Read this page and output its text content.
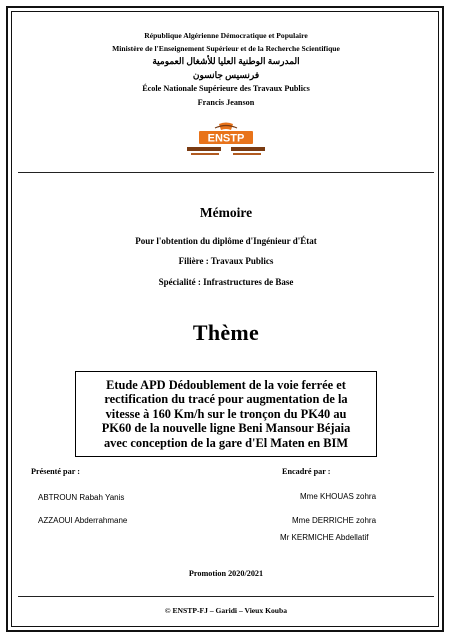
République Algérienne Démocratique et Populaire
Ministère de l'Enseignement Supérieur et de la Recherche Scientifique
المدرسة الوطنية العليا للأشغال العمومية
فرنسيس جانسون
École Nationale Supérieure des Travaux Publics
Francis Jeanson
ENSTP
Mémoire
Pour l'obtention du diplôme d'Ingénieur d'État
Filière : Travaux Publics
Spécialité : Infrastructures de Base
Thème
Etude APD Dédoublement de la voie ferrée et
rectification du tracé pour augmentation de la
vitesse à 160 Km/h sur le tronçon du PK40 au
PK60 de la nouvelle ligne Beni Mansour Béjaia
avec conception de la gare d'El Maten en BIM
Présenté par :	Encadré par :
ABTROUN Rabah Yanis
AZZAOUI Abderrahmane
Mme KHOUAS zohra
Mme DERRICHE zohra
Mr KERMICHE Abdellatif
Promotion 2020/2021
© ENSTP-FJ – Garidi – Vieux Kouba
